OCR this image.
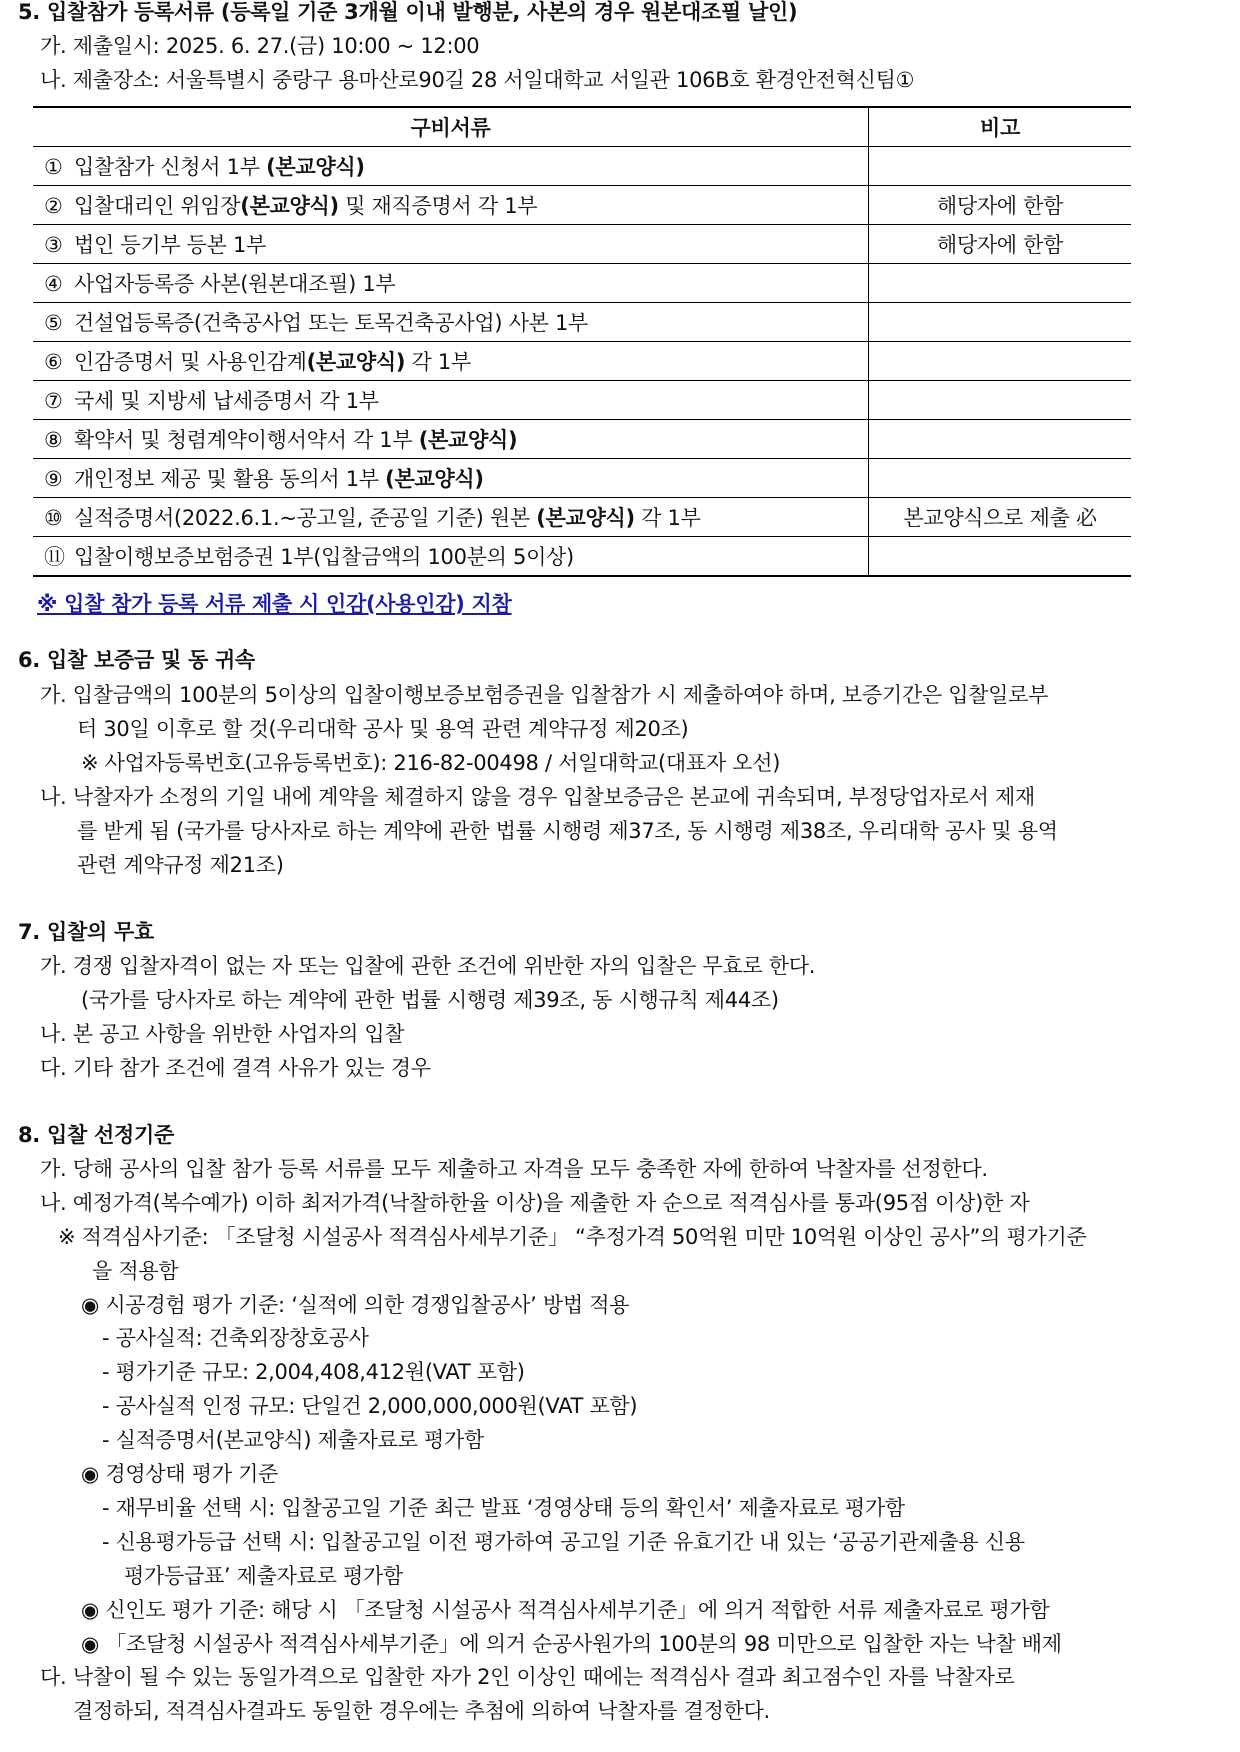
5. 입찰참가 등록서류 (등록일 기준 3개월 이내 발행분, 사본의 경우 원본대조필 날인)
가. 제출일시: 2025. 6. 27.(금) 10:00 ~ 12:00
나. 제출장소: 서울특별시 중랑구 용마산로90길 28 서일대학교 서일관 106B호 환경안전혁신팀①
구비서류	비고
① 입찰참가 신청서 1부 (본교양식)	
② 입찰대리인 위임장(본교양식) 및 재직증명서 각 1부	해당자에 한함
③ 법인 등기부 등본 1부	해당자에 한함
④ 사업자등록증 사본(원본대조필) 1부	
⑤ 건설업등록증(건축공사업 또는 토목건축공사업) 사본 1부	
⑥ 인감증명서 및 사용인감계(본교양식) 각 1부	
⑦ 국세 및 지방세 납세증명서 각 1부	
⑧ 확약서 및 청렴계약이행서약서 각 1부 (본교양식)	
⑨ 개인정보 제공 및 활용 동의서 1부 (본교양식)	
⑩ 실적증명서(2022.6.1.~공고일, 준공일 기준) 원본 (본교양식) 각 1부	본교양식으로 제출 必
⑪ 입찰이행보증보험증권 1부(입찰금액의 100분의 5이상)	
※ 입찰 참가 등록 서류 제출 시 인감(사용인감) 지참
6. 입찰 보증금 및 동 귀속
가. 입찰금액의 100분의 5이상의 입찰이행보증보험증권을 입찰참가 시 제출하여야 하며, 보증기간은 입찰일로부
터 30일 이후로 할 것(우리대학 공사 및 용역 관련 계약규정 제20조)
※ 사업자등록번호(고유등록번호): 216-82-00498 / 서일대학교(대표자 오선)
나. 낙찰자가 소정의 기일 내에 계약을 체결하지 않을 경우 입찰보증금은 본교에 귀속되며, 부정당업자로서 제재
를 받게 됨 (국가를 당사자로 하는 계약에 관한 법률 시행령 제37조, 동 시행령 제38조, 우리대학 공사 및 용역
관련 계약규정 제21조)
7. 입찰의 무효
가. 경쟁 입찰자격이 없는 자 또는 입찰에 관한 조건에 위반한 자의 입찰은 무효로 한다.
(국가를 당사자로 하는 계약에 관한 법률 시행령 제39조, 동 시행규칙 제44조)
나. 본 공고 사항을 위반한 사업자의 입찰
다. 기타 참가 조건에 결격 사유가 있는 경우
8. 입찰 선정기준
가. 당해 공사의 입찰 참가 등록 서류를 모두 제출하고 자격을 모두 충족한 자에 한하여 낙찰자를 선정한다.
나. 예정가격(복수예가) 이하 최저가격(낙찰하한율 이상)을 제출한 자 순으로 적격심사를 통과(95점 이상)한 자
※ 적격심사기준: 「조달청 시설공사 적격심사세부기준」 “추정가격 50억원 미만 10억원 이상인 공사”의 평가기준
을 적용함
◉ 시공경험 평가 기준: ‘실적에 의한 경쟁입찰공사’ 방법 적용
- 공사실적: 건축외장창호공사
- 평가기준 규모: 2,004,408,412원(VAT 포함)
- 공사실적 인정 규모: 단일건 2,000,000,000원(VAT 포함)
- 실적증명서(본교양식) 제출자료로 평가함
◉ 경영상태 평가 기준
- 재무비율 선택 시: 입찰공고일 기준 최근 발표 ‘경영상태 등의 확인서’ 제출자료로 평가함
- 신용평가등급 선택 시: 입찰공고일 이전 평가하여 공고일 기준 유효기간 내 있는 ‘공공기관제출용 신용
평가등급표’ 제출자료로 평가함
◉ 신인도 평가 기준: 해당 시 「조달청 시설공사 적격심사세부기준」에 의거 적합한 서류 제출자료로 평가함
◉ 「조달청 시설공사 적격심사세부기준」에 의거 순공사원가의 100분의 98 미만으로 입찰한 자는 낙찰 배제
다. 낙찰이 될 수 있는 동일가격으로 입찰한 자가 2인 이상인 때에는 적격심사 결과 최고점수인 자를 낙찰자로
결정하되, 적격심사결과도 동일한 경우에는 추첨에 의하여 낙찰자를 결정한다.
